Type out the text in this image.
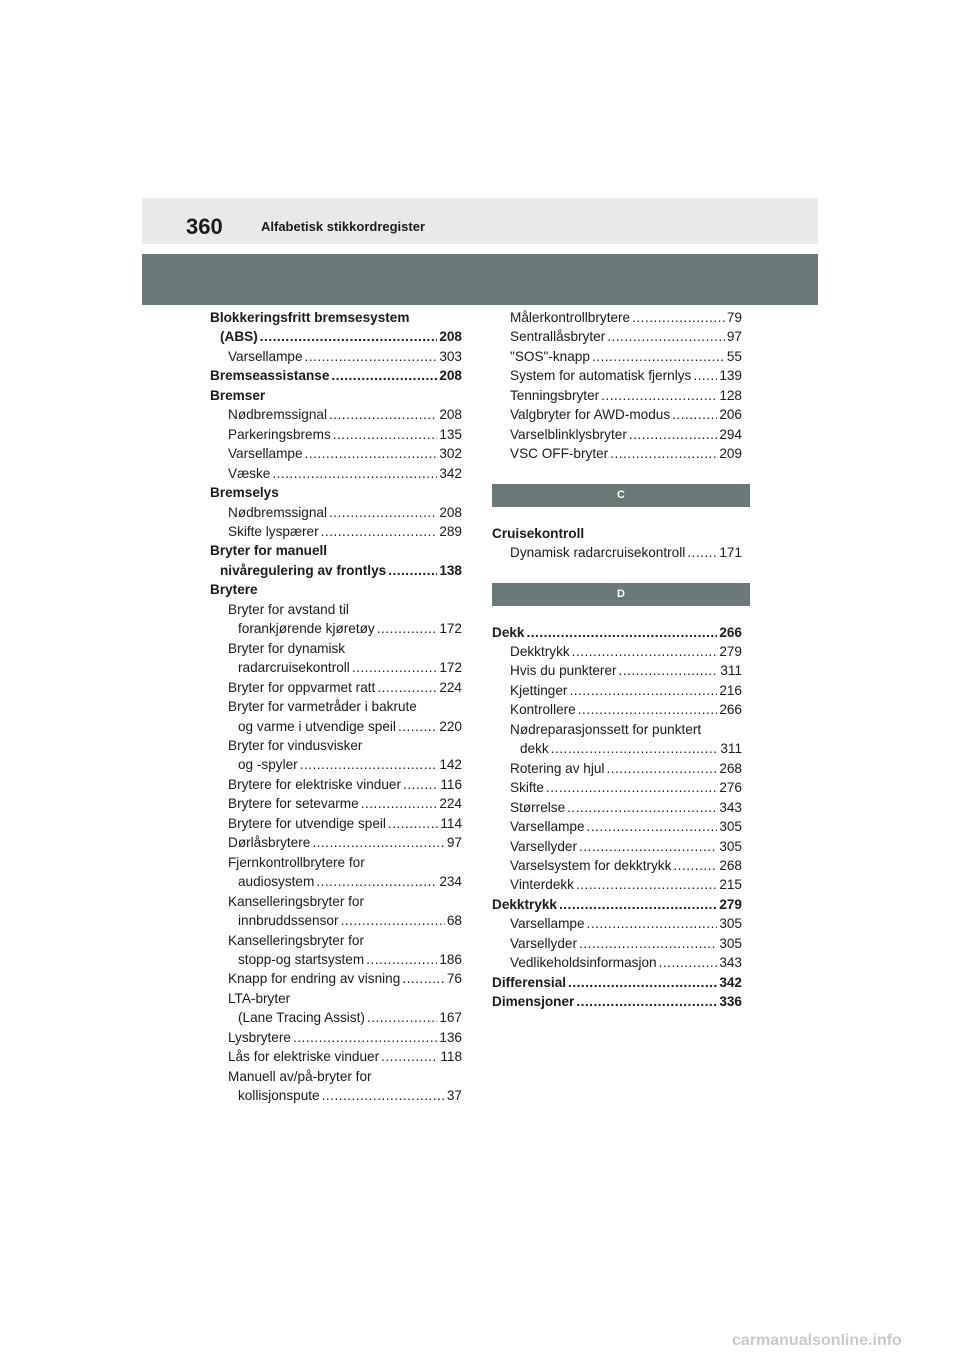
360	Alfabetisk stikkordregister
Blokkeringsfritt bremsesystem
(ABS) .....	208
Varsellampe .....	303
Bremseassistanse .....	208
Bremser
Nødbremssignal .....	208
Parkeringsbrems .....	135
Varsellampe .....	302
Væske .....	342
Bremselys
Nødbremssignal .....	208
Skifte lyspærer .....	289
Bryter for manuell
nivåregulering av frontlys .....	138
Brytere
Bryter for avstand til
forankjørende kjøretøy .....	172
Bryter for dynamisk
radarcruisekontroll .....	172
Bryter for oppvarmet ratt .....	224
Bryter for varmetråder i bakrute
og varme i utvendige speil .....	220
Bryter for vindusvisker
og -spyler .....	142
Brytere for elektriske vinduer .....	116
Brytere for setevarme .....	224
Brytere for utvendige speil .....	114
Dørlåsbrytere .....	97
Fjernkontrollbrytere for
audiosystem .....	234
Kanselleringsbryter for
innbruddssensor .....	68
Kanselleringsbryter for
stopp-og startsystem .....	186
Knapp for endring av visning .....	76
LTA-bryter
(Lane Tracing Assist) .....	167
Lysbrytere .....	136
Lås for elektriske vinduer .....	118
Manuell av/på-bryter for
kollisjonspute .....	37
Målerkontrollbrytere .....	79
Sentrallåsbryter .....	97
"SOS"-knapp .....	55
System for automatisk fjernlys ..... 139
Tenningsbryter .....	128
Valgbryter for AWD-modus .....	206
Varselblinklysbryter .....	294
VSC OFF-bryter .....	209
C
Cruisekontroll
Dynamisk radarcruisekontroll .....	171
D
Dekk .....	266
Dekktrykk .....	279
Hvis du punkterer .....	311
Kjettinger .....	216
Kontrollere .....	266
Nødreparasjonssett for punktert
dekk .....	311
Rotering av hjul .....	268
Skifte .....	276
Størrelse .....	343
Varsellampe .....	305
Varsellyder .....	305
Varselsystem for dekktrykk .....	268
Vinterdekk .....	215
Dekktrykk .....	279
Varsellampe .....	305
Varsellyder .....	305
Vedlikeholdsinformasjon .....	343
Differensial .....	342
Dimensjoner .....	336
carmanualsonline.info
